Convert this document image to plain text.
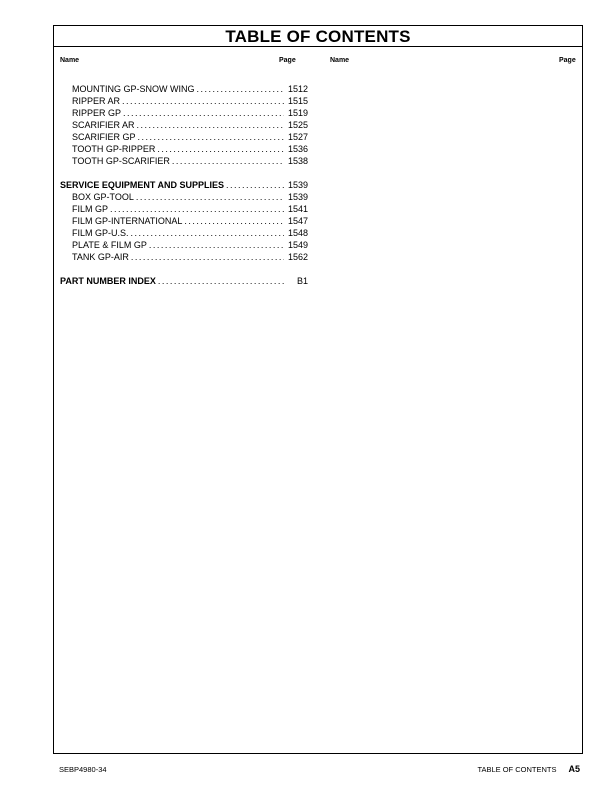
TABLE OF CONTENTS
Name	Page	Name	Page
MOUNTING GP-SNOW WING . . .	1512
RIPPER AR . . .	1515
RIPPER GP . . .	1519
SCARIFIER AR . . .	1525
SCARIFIER GP . . .	1527
TOOTH GP-RIPPER . . .	1536
TOOTH GP-SCARIFIER . . .	1538
SERVICE EQUIPMENT AND SUPPLIES . . .	1539
BOX GP-TOOL . . .	1539
FILM GP . . .	1541
FILM GP-INTERNATIONAL . . .	1547
FILM GP-U.S. . . .	1548
PLATE & FILM GP . . .	1549
TANK GP-AIR . . .	1562
PART NUMBER INDEX . . .	B1
SEBP4980-34	TABLE OF CONTENTS A5
